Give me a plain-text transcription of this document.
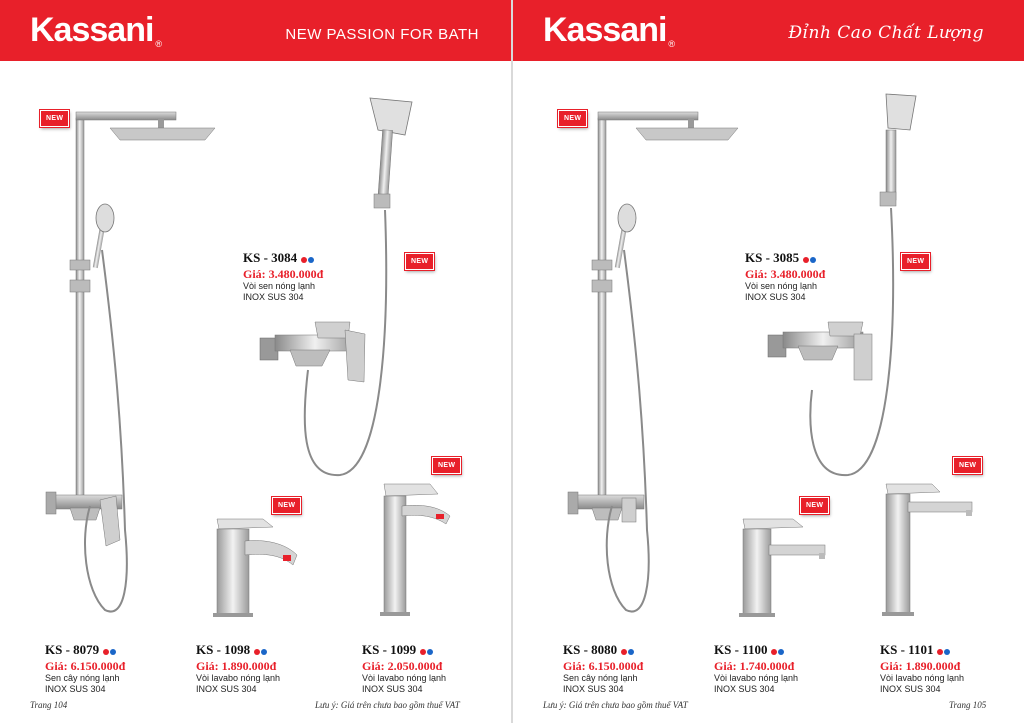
Kassani ®
NEW PASSION FOR BATH
NEW
NEW
NEW
NEW
KS - 3084
Giá: 3.480.000đ
Vòi sen nóng lạnh
INOX SUS 304
KS - 8079
Giá: 6.150.000đ
Sen cây nóng lạnh
INOX SUS 304
KS - 1098
Giá: 1.890.000đ
Vòi lavabo nóng lạnh
INOX SUS 304
KS - 1099
Giá: 2.050.000đ
Vòi lavabo nóng lạnh
INOX SUS 304
Trang 104	Lưu ý: Giá trên chưa bao gồm thuế VAT
Kassani ®
Đỉnh Cao Chất Lượng
NEW
NEW
NEW
NEW
KS - 3085
Giá: 3.480.000đ
Vòi sen nóng lạnh
INOX SUS 304
KS - 8080
Giá: 6.150.000đ
Sen cây nóng lạnh
INOX SUS 304
KS - 1100
Giá: 1.740.000đ
Vòi lavabo nóng lạnh
INOX SUS 304
KS - 1101
Giá: 1.890.000đ
Vòi lavabo nóng lạnh
INOX SUS 304
Lưu ý: Giá trên chưa bao gồm thuế VAT	Trang 105
